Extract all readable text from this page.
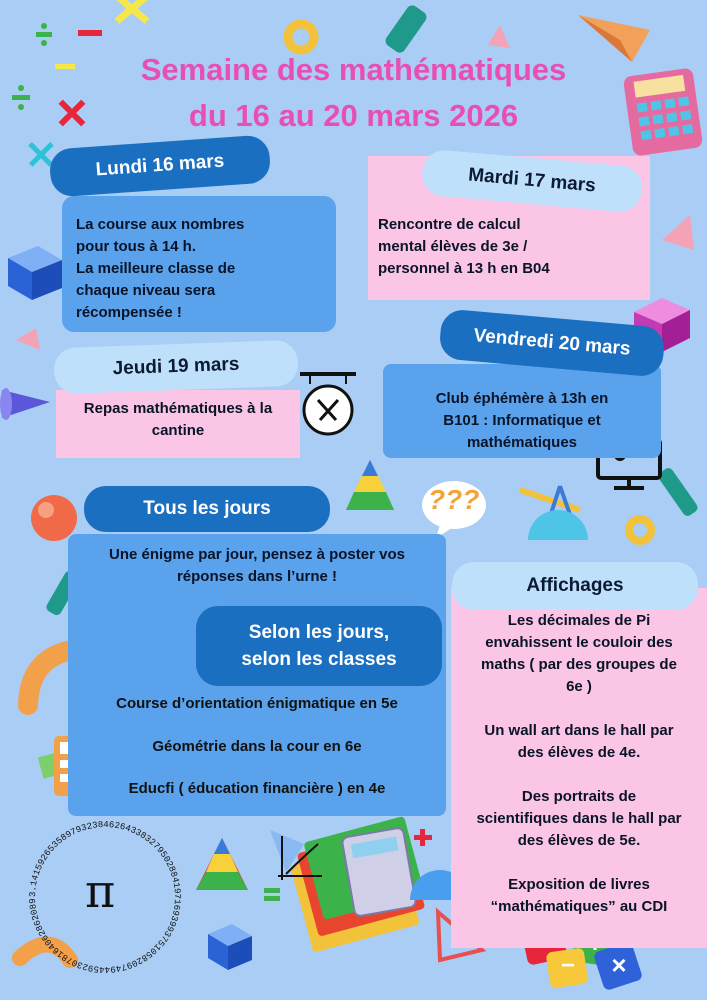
×
−
???
3.1415926535897932384626433832795028841971693993751058209749445923078164062862089	π
Semaine des mathématiques
du 16 au 20 mars 2026

La course aux nombres

pour tous à 14 h.

La meilleure classe de

chaque niveau sera

récompensée !

Lundi 16 mars

Rencontre de calcul

mental élèves de 3e /

personnel à 13 h en B04

Mardi 17 mars

Repas mathématiques à la

cantine

Jeudi 19 mars

Club éphémère à 13h en

B101 : Informatique et

mathématiques

Vendredi 20 mars
Tous les jours

Une énigme par jour, pensez à poster vos

réponses dans l’urne !

Selon les jours,
selon les classes
Course d’orientation énigmatique en 5e
Géométrie dans la cour en 6e
Educfi ( éducation financière ) en 4e

Les décimales de Pi

envahissent le couloir des

maths ( par des groupes de

6e )

Un wall art dans le hall par

des élèves de 4e.

Des portraits de

scientifiques dans le hall par

des élèves de 5e.

Exposition de livres

“mathématiques” au CDI

Affichages
